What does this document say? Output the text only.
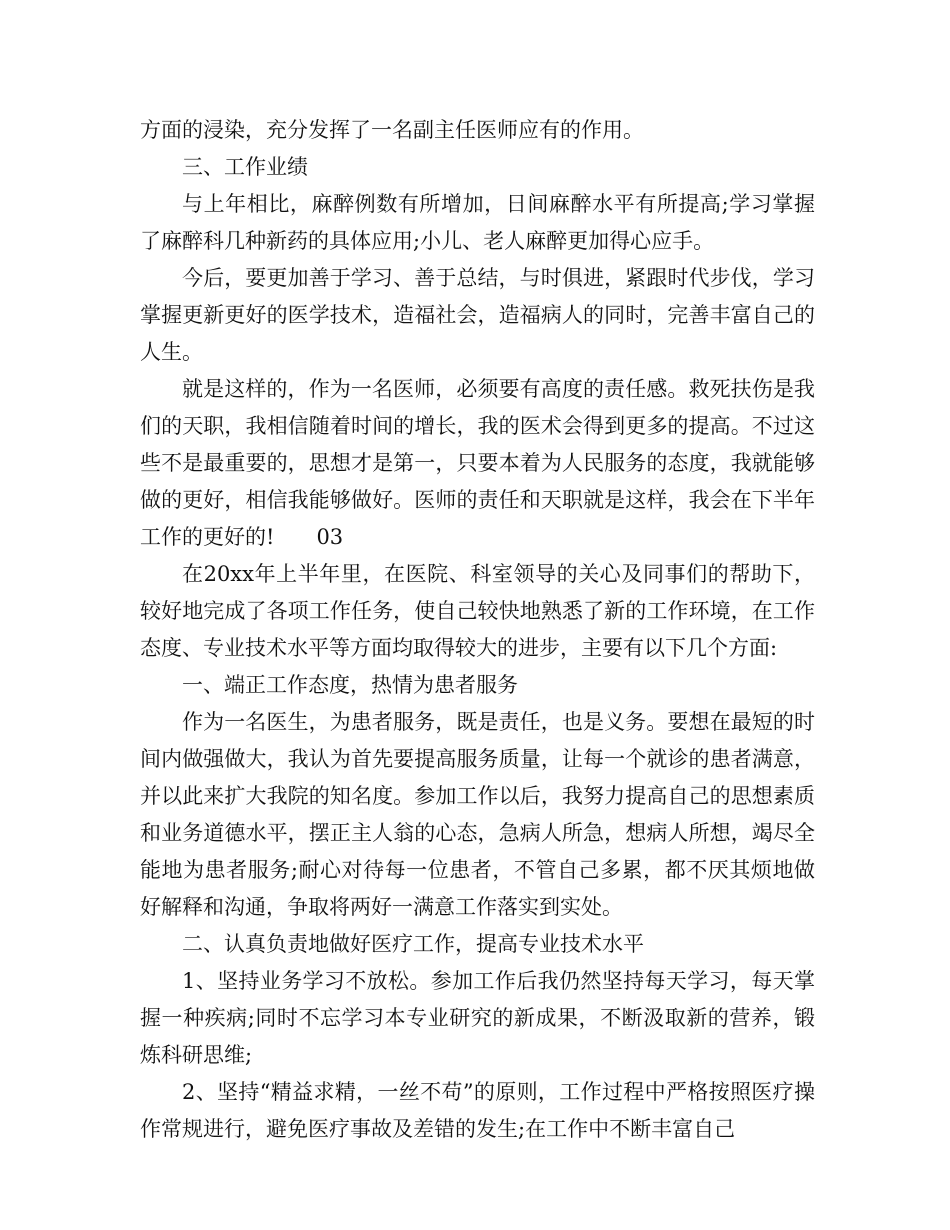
方面的浸染，充分发挥了一名副主任医师应有的作用。

三、工作业绩

与上年相比，麻醉例数有所增加，日间麻醉水平有所提高;学习掌握了麻醉科几种新药的具体应用;小儿、老人麻醉更加得心应手。

今后，要更加善于学习、善于总结，与时俱进，紧跟时代步伐，学习掌握更新更好的医学技术，造福社会，造福病人的同时，完善丰富自己的人生。

就是这样的，作为一名医师，必须要有高度的责任感。救死扶伤是我们的天职，我相信随着时间的增长，我的医术会得到更多的提高。不过这些不是最重要的，思想才是第一，只要本着为人民服务的态度，我就能够做的更好，相信我能够做好。医师的责任和天职就是这样，我会在下半年工作的更好的!　　03

在20xx年上半年里，在医院、科室领导的关心及同事们的帮助下，较好地完成了各项工作任务，使自己较快地熟悉了新的工作环境，在工作态度、专业技术水平等方面均取得较大的进步，主要有以下几个方面:

一、端正工作态度，热情为患者服务

作为一名医生，为患者服务，既是责任，也是义务。要想在最短的时间内做强做大，我认为首先要提高服务质量，让每一个就诊的患者满意，并以此来扩大我院的知名度。参加工作以后，我努力提高自己的思想素质和业务道德水平，摆正主人翁的心态，急病人所急，想病人所想，竭尽全能地为患者服务;耐心对待每一位患者，不管自己多累，都不厌其烦地做好解释和沟通，争取将两好一满意工作落实到实处。

二、认真负责地做好医疗工作，提高专业技术水平

1、坚持业务学习不放松。参加工作后我仍然坚持每天学习，每天掌握一种疾病;同时不忘学习本专业研究的新成果，不断汲取新的营养，锻炼科研思维;

2、坚持“精益求精，一丝不苟”的原则，工作过程中严格按照医疗操作常规进行，避免医疗事故及差错的发生;在工作中不断丰富自己
